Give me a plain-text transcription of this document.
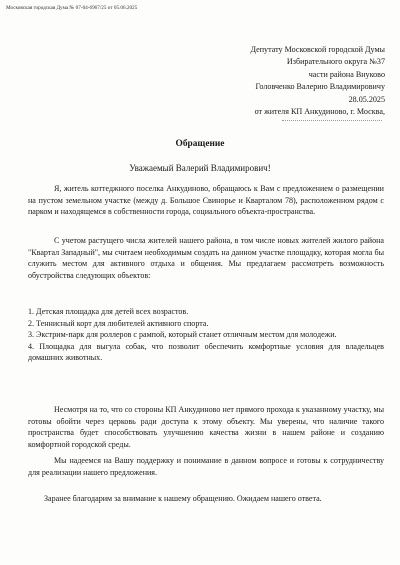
Московская городская Дума № 07-04-6967/25 от 05.06.2025
Депутату Московской городской Думы
Избирательного округа №37
части района Внуково
Головченко Валерию Владимировичу
28.05.2025
от жителя КП Анкудиново, г. Москва,
Обращение
Уважаемый Валерий Владимирович!
Я, житель коттеджного поселка Анкудиново, обращаюсь к Вам с предложением о размещении на пустом земельном участке (между д. Большое Свинорье и Кварталом 78), расположенном рядом с парком и находящемся в собственности города, социального объекта-пространства.
С учетом растущего числа жителей нашего района, в том числе новых жителей жилого района "Квартал Западный", мы считаем необходимым создать на данном участке площадку, которая могла бы служить местом для активного отдыха и общения. Мы предлагаем рассмотреть возможность обустройства следующих объектов:
1. Детская площадка для детей всех возрастов.
2. Теннисный корт для любителей активного спорта.
3. Экстрим-парк для роллеров с рампой, который станет отличным местом для молодежи.
4. Площадка для выгула собак, что позволит обеспечить комфортные условия для владельцев домашних животных.
Несмотря на то, что со стороны КП Анкудиново нет прямого прохода к указанному участку, мы готовы обойти через церковь ради доступа к этому объекту. Мы уверены, что наличие такого пространства будет способствовать улучшению качества жизни в нашем районе и созданию комфортной городской среды.
Мы надеемся на Вашу поддержку и понимание в данном вопросе и готовы к сотрудничеству для реализации нашего предложения.
Заранее благодарим за внимание к нашему обращению. Ожидаем нашего ответа.
